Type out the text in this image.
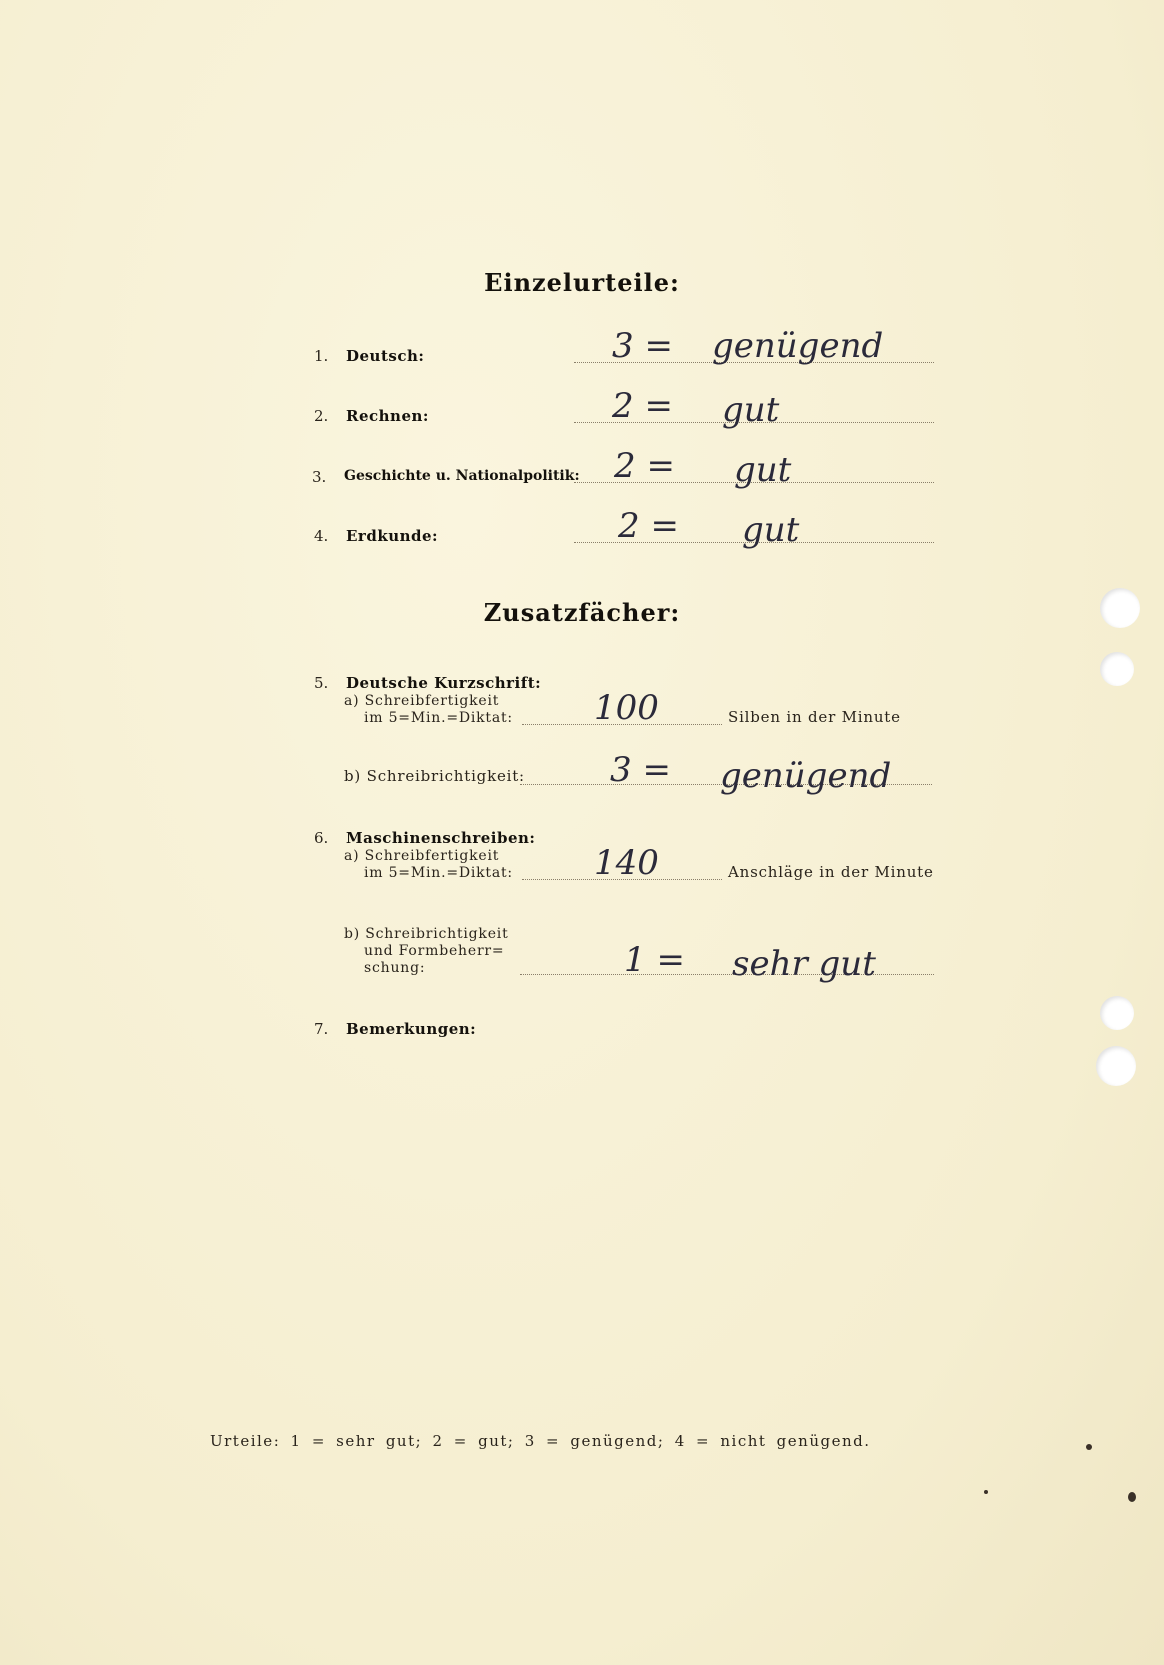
Einzelurteile:
1. Deutsch:	3 = genügend
2. Rechnen:	2 = gut
3. Geschichte u. Nationalpolitik: 2 = gut
4. Erdkunde:	2 = gut
Zusatzfächer:
5. Deutsche Kurzschrift:
a) Schreibfertigkeit
im 5=Min.=Diktat: 100	Silben in der Minute
b) Schreibrichtigkeit:	3 = genügend
6. Maschinenschreiben:
a) Schreibfertigkeit
im 5=Min.=Diktat: 140	Anschläge in der Minute
b) Schreibrichtigkeit
und Formbeherr=
schung:	1 = sehr gut
7. Bemerkungen:
Urteile: 1 = sehr gut; 2 = gut; 3 = genügend; 4 = nicht genügend.
